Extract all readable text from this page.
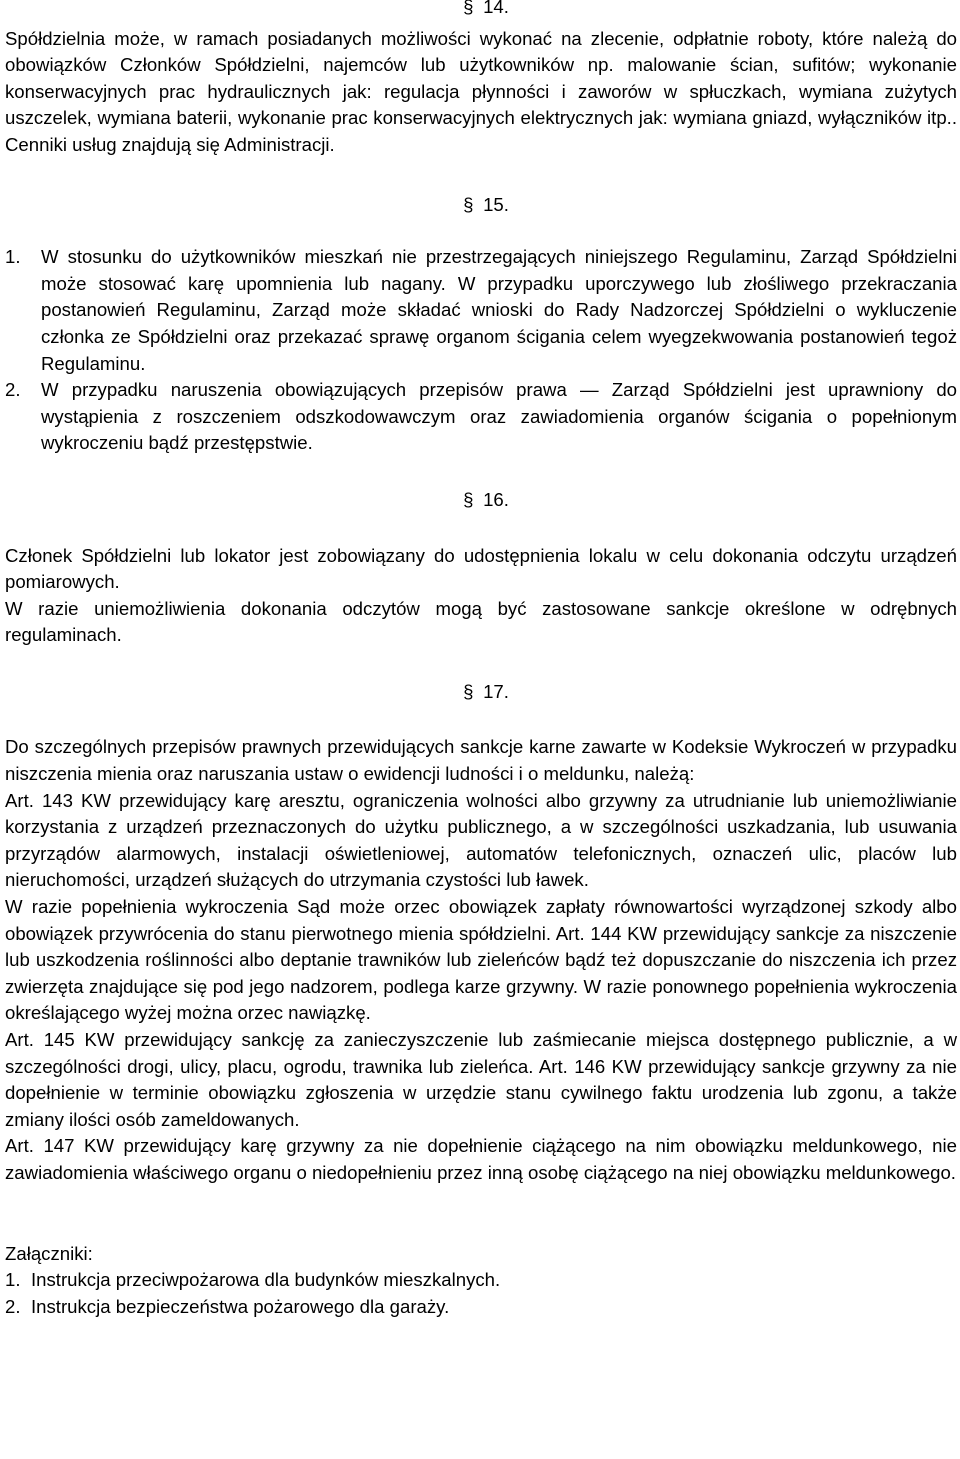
§ 14.

Spółdzielnia może, w ramach posiadanych możliwości wykonać na zlecenie, odpłatnie roboty, które należą do obowiązków Członków Spółdzielni, najemców lub użytkowników np. malowanie ścian, sufitów; wykonanie konserwacyjnych prac hydraulicznych jak: regulacja płynności i zaworów w spłuczkach, wymiana zużytych uszczelek, wymiana baterii, wykonanie prac konserwacyjnych elektrycznych jak: wymiana gniazd, wyłączników itp.. Cenniki usług znajdują się Administracji.

§ 15.
1. W stosunku do użytkowników mieszkań nie przestrzegających niniejszego Regulaminu, Zarząd Spółdzielni może stosować karę upomnienia lub nagany. W przypadku uporczywego lub złośliwego przekraczania postanowień Regulaminu, Zarząd może składać wnioski do Rady Nadzorczej Spółdzielni o wykluczenie członka ze Spółdzielni oraz przekazać sprawę organom ścigania celem wyegzekwowania postanowień tegoż Regulaminu.
2. W przypadku naruszenia obowiązujących przepisów prawa — Zarząd Spółdzielni jest uprawniony do wystąpienia z roszczeniem odszkodowawczym oraz zawiadomienia organów ścigania o popełnionym wykroczeniu bądź przestępstwie.
§ 16.

Członek Spółdzielni lub lokator jest zobowiązany do udostępnienia lokalu w celu dokonania odczytu urządzeń pomiarowych.

W razie uniemożliwienia dokonania odczytów mogą być zastosowane sankcje określone w odrębnych regulaminach.

§ 17.

Do szczególnych przepisów prawnych przewidujących sankcje karne zawarte w Kodeksie Wykroczeń w przypadku niszczenia mienia oraz naruszania ustaw o ewidencji ludności i o meldunku, należą:

Art. 143 KW przewidujący karę aresztu, ograniczenia wolności albo grzywny za utrudnianie lub uniemożliwianie korzystania z urządzeń przeznaczonych do użytku publicznego, a w szczególności uszkadzania, lub usuwania przyrządów alarmowych, instalacji oświetleniowej, automatów telefonicznych, oznaczeń ulic, placów lub nieruchomości, urządzeń służących do utrzymania czystości lub ławek.

W razie popełnienia wykroczenia Sąd może orzec obowiązek zapłaty równowartości wyrządzonej szkody albo obowiązek przywrócenia do stanu pierwotnego mienia spółdzielni. Art. 144 KW przewidujący sankcje za niszczenie lub uszkodzenia roślinności albo deptanie trawników lub zieleńców bądź też dopuszczanie do niszczenia ich przez zwierzęta znajdujące się pod jego nadzorem, podlega karze grzywny. W razie ponownego popełnienia wykroczenia określającego wyżej można orzec nawiązkę.

Art. 145 KW przewidujący sankcję za zanieczyszczenie lub zaśmiecanie miejsca dostępnego publicznie, a w szczególności drogi, ulicy, placu, ogrodu, trawnika lub zieleńca. Art. 146 KW przewidujący sankcje grzywny za nie dopełnienie w terminie obowiązku zgłoszenia w urzędzie stanu cywilnego faktu urodzenia lub zgonu, a także zmiany ilości osób zameldowanych.

Art. 147 KW przewidujący karę grzywny za nie dopełnienie ciążącego na nim obowiązku meldunkowego, nie zawiadomienia właściwego organu o niedopełnieniu przez inną osobę ciążącego na niej obowiązku meldunkowego.

Załączniki:
1. Instrukcja przeciwpożarowa dla budynków mieszkalnych.
2. Instrukcja bezpieczeństwa pożarowego dla garaży.
